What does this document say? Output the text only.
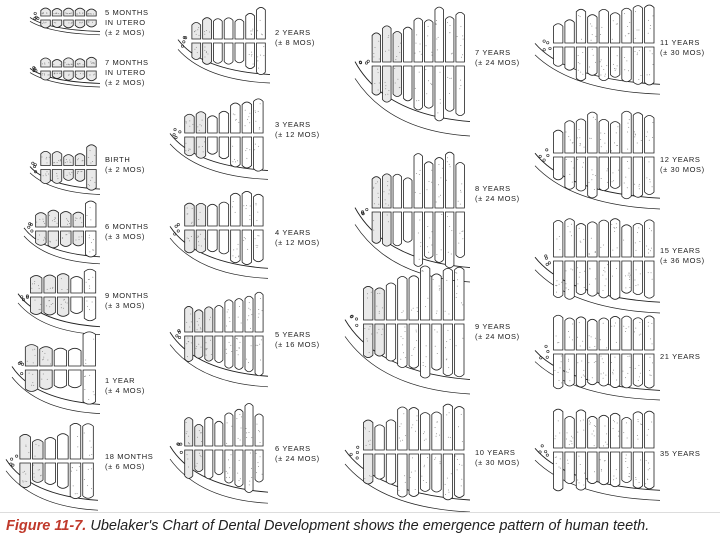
5 MONTHS
IN UTERO
(± 2 MOS)
7 MONTHS
IN UTERO
(± 2 MOS)
BIRTH
(± 2 MOS)
6 MONTHS
(± 3 MOS)
9 MONTHS
(± 3 MOS)
1 YEAR
(± 4 MOS)
18 MONTHS
(± 6 MOS)
2 YEARS
(± 8 MOS)
3 YEARS
(± 12 MOS)
4 YEARS
(± 12 MOS)
5 YEARS
(± 16 MOS)
6 YEARS
(± 24 MOS)
7 YEARS
(± 24 MOS)
8 YEARS
(± 24 MOS)
9 YEARS
(± 24 MOS)
10 YEARS
(± 30 MOS)
11 YEARS
(± 30 MOS)
12 YEARS
(± 30 MOS)
15 YEARS
(± 36 MOS)
21 YEARS
35 YEARS
Figure 11-7. Ubelaker's Chart of Dental Development shows the emergence pattern of human teeth.
